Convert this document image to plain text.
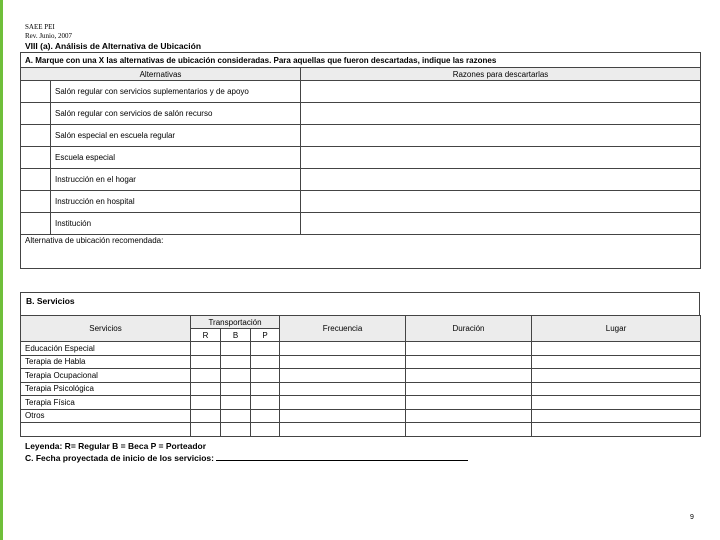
SAEE PEI
Rev. Junio, 2007
VIII (a). Análisis de Alternativa de Ubicación
A. Marque con una X las alternativas de ubicación consideradas. Para aquellas que fueron descartadas, indique las razones		
Alternativas		Razones para descartarlas
	Salón regular con servicios suplementarios y de apoyo	
	Salón regular con servicios de salón recurso	
	Salón especial en escuela regular	
	Escuela especial	
	Instrucción en el hogar	
	Instrucción en hospital	
	Institución	
Alternativa de ubicación recomendada:		
B. Servicios
Servicios	Transportación			Frecuencia	Duración	Lugar
	R	B	P			
Educación Especial						
Terapia de Habla						
Terapia Ocupacional						
Terapia Psicológica						
Terapia Física						
Otros						

Leyenda: R= Regular B = Beca P = Porteador
C. Fecha proyectada de inicio de los servicios:
9
